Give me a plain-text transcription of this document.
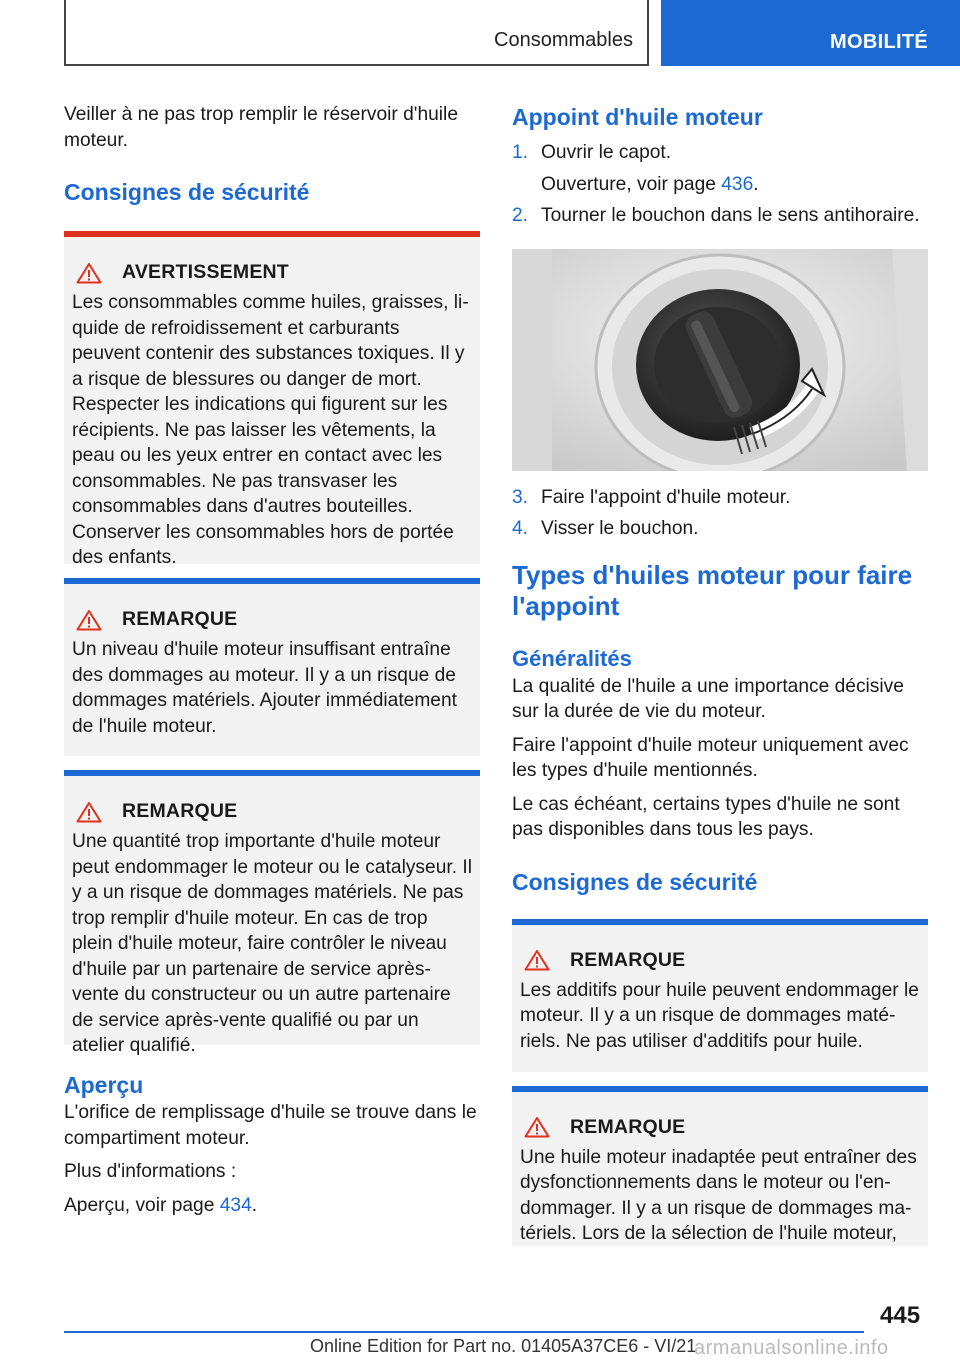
Consommables	MOBILITÉ

Veiller à ne pas trop remplir le réservoir d'huile moteur.

Consignes de sécurité
AVERTISSEMENT

Les consommables comme huiles, graisses, liquide de refroidissement et carburants peuvent contenir des substances toxiques. Il y a risque de blessures ou danger de mort. Respecter les indications qui figurent sur les récipients. Ne pas laisser les vêtements, la peau ou les yeux entrer en contact avec les consommables. Ne pas transvaser les consommables dans d'autres bouteilles. Conserver les consommables hors de portée des enfants.

REMARQUE

Un niveau d'huile moteur insuffisant entraîne des dommages au moteur. Il y a un risque de dommages matériels. Ajouter immédiatement de l'huile moteur.

REMARQUE

Une quantité trop importante d'huile moteur peut endommager le moteur ou le catalyseur. Il y a un risque de dommages matériels. Ne pas trop remplir d'huile moteur. En cas de trop plein d'huile moteur, faire contrôler le niveau d'huile par un partenaire de service après-vente du constructeur ou un autre partenaire de service après-vente qualifié ou par un atelier qualifié.

Aperçu

L'orifice de remplissage d'huile se trouve dans le compartiment moteur.

Plus d'informations :

Aperçu, voir page 434.

Appoint d'huile moteur
1. Ouvrir le capot.
Ouverture, voir page 436.
2. Tourner le bouchon dans le sens antihoraire.
3. Faire l'appoint d'huile moteur.
4. Visser le bouchon.
Types d'huiles moteur pour faire l'appoint
Généralités

La qualité de l'huile a une importance décisive sur la durée de vie du moteur.

Faire l'appoint d'huile moteur uniquement avec les types d'huile mentionnés.

Le cas échéant, certains types d'huile ne sont pas disponibles dans tous les pays.

Consignes de sécurité
REMARQUE

Les additifs pour huile peuvent endommager le moteur. Il y a un risque de dommages matériels. Ne pas utiliser d'additifs pour huile.

REMARQUE

Une huile moteur inadaptée peut entraîner des dysfonctionnements dans le moteur ou l'endommager. Il y a un risque de dommages matériels. Lors de la sélection de l'huile moteur,

445
Online Edition for Part no. 01405A37CE6 - VI/21
armanualsonline.info
